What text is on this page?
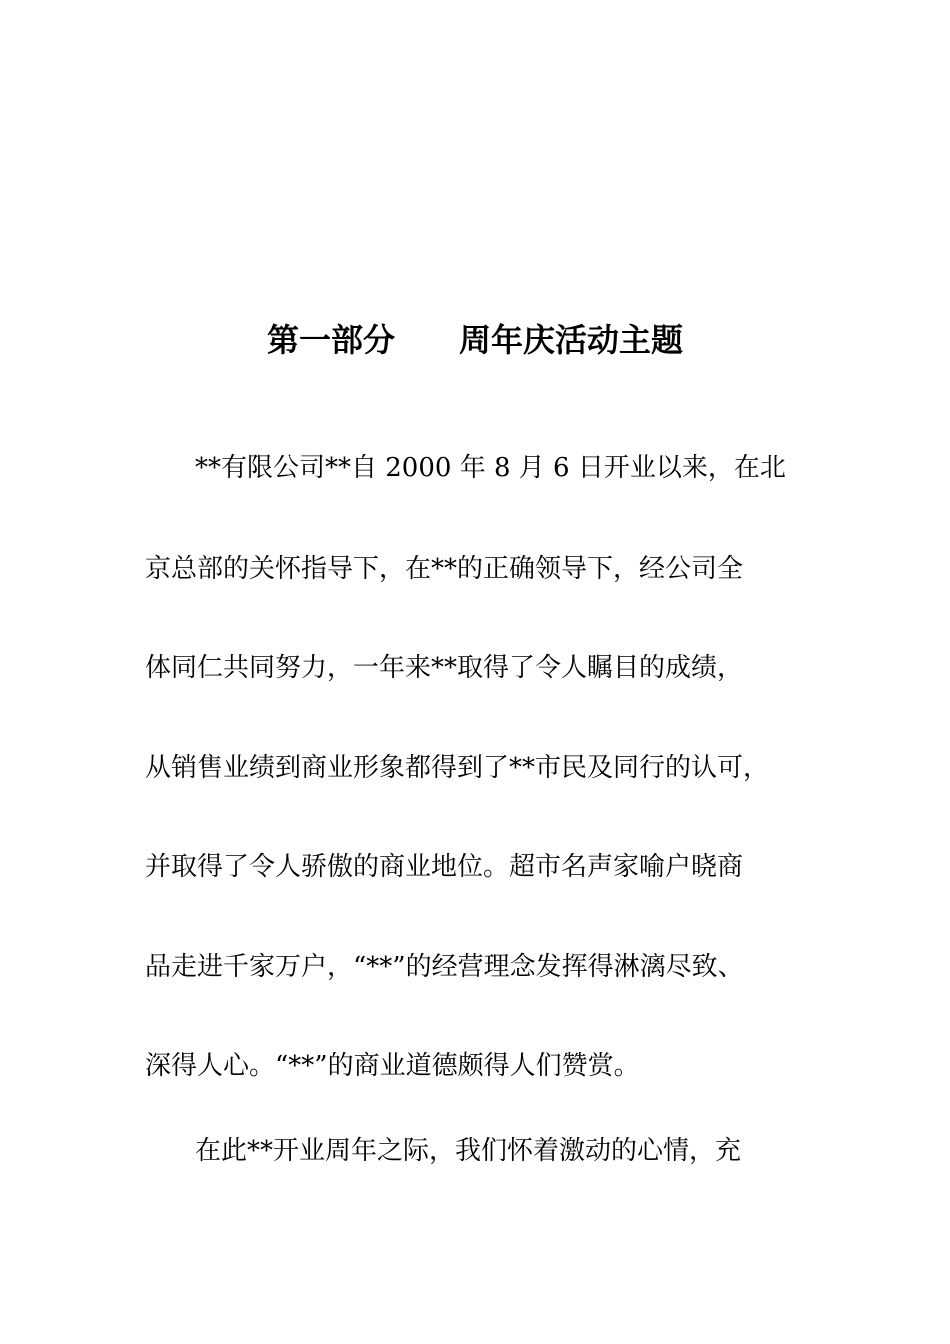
第一部分　　周年庆活动主题
**有限公司**自 2000 年 8 月 6 日开业以来，在北
京总部的关怀指导下，在**的正确领导下，经公司全
体同仁共同努力，一年来**取得了令人瞩目的成绩，
从销售业绩到商业形象都得到了**市民及同行的认可，
并取得了令人骄傲的商业地位。超市名声家喻户晓商
品走进千家万户，“**”的经营理念发挥得淋漓尽致、
深得人心。“**”的商业道德颇得人们赞赏。
在此**开业周年之际，我们怀着激动的心情，充
